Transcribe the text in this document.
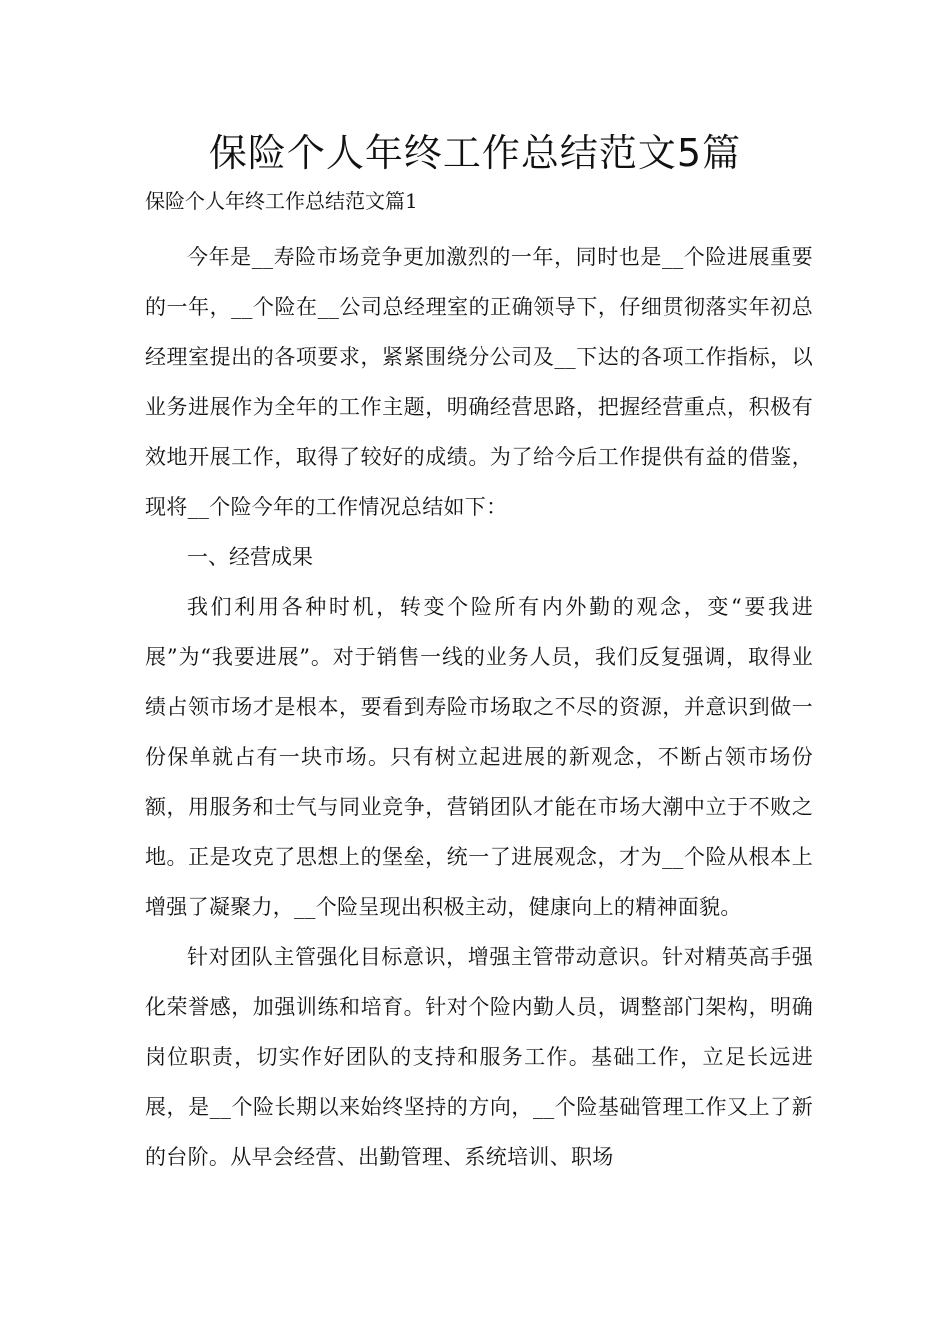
保险个人年终工作总结范文5篇

保险个人年终工作总结范文篇1

今年是__寿险市场竞争更加激烈的一年，同时也是__个险进展重要的一年，__个险在__公司总经理室的正确领导下，仔细贯彻落实年初总经理室提出的各项要求，紧紧围绕分公司及__下达的各项工作指标，以业务进展作为全年的工作主题，明确经营思路，把握经营重点，积极有效地开展工作，取得了较好的成绩。为了给今后工作提供有益的借鉴，现将__个险今年的工作情况总结如下：

一、经营成果

我们利用各种时机，转变个险所有内外勤的观念，变“要我进展”为“我要进展”。对于销售一线的业务人员，我们反复强调，取得业绩占领市场才是根本，要看到寿险市场取之不尽的资源，并意识到做一份保单就占有一块市场。只有树立起进展的新观念，不断占领市场份额，用服务和士气与同业竞争，营销团队才能在市场大潮中立于不败之地。正是攻克了思想上的堡垒，统一了进展观念，才为__个险从根本上增强了凝聚力，__个险呈现出积极主动，健康向上的精神面貌。

针对团队主管强化目标意识，增强主管带动意识。针对精英高手强化荣誉感，加强训练和培育。针对个险内勤人员，调整部门架构，明确岗位职责，切实作好团队的支持和服务工作。基础工作，立足长远进展，是__个险长期以来始终坚持的方向，__个险基础管理工作又上了新的台阶。从早会经营、出勤管理、系统培训、职场
